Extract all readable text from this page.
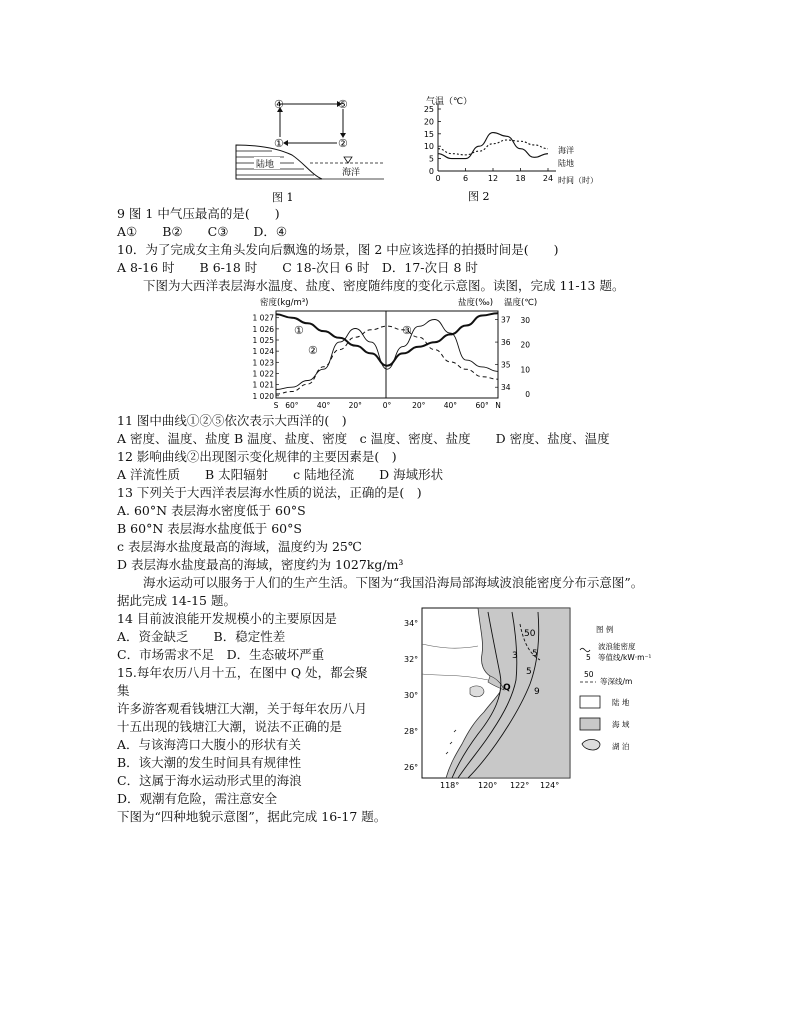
④	⑤
①	②
陆地
海洋
图 1
气温（℃）
25
20
15
10
5
0
0	6 12 18 24 时间（时）
海洋
陆地
图 2
9 图 1 中气压最高的是(　　)
A①　　B②　　C③　　D．④
10．为了完成女主角头发向后飘逸的场景，图 2 中应该选择的拍摄时间是(　　)
A 8-16 时　　B 6-18 时　　C 18-次日 6 时　D．17-次日 8 时
下图为大西洋表层海水温度、盐度、密度随纬度的变化示意图。读图，完成 11-13 题。
密度(kg/m³)	盐度(‰) 温度(℃)
1 027
1 026
1 025
1 024
1 023
1 022
1 021
1 020
37
36
35
34
30
20
10
0
S 60° 40° 20°	0°	20° 40° 60° N
①
②
③
11 图中曲线①②⑤依次表示大西洋的(　)
A 密度、温度、盐度 B 温度、盐度、密度　c 温度、密度、盐度　　D 密度、盐度、温度
12 影响曲线②出现图示变化规律的主要因素是(　)
A 洋流性质　　B 太阳辐射　　c 陆地径流　　D 海域形状
13 下列关于大西洋表层海水性质的说法，正确的是(　)
A. 60°N 表层海水密度低于 60°S
B 60°N 表层海水盐度低于 60°S
c 表层海水盐度最高的海域，温度约为 25℃
D 表层海水盐度最高的海域，密度约为 1027kg/m³
海水运动可以服务于人们的生产生活。下图为“我国沿海局部海域波浪能密度分布示意图”。
据此完成 14-15 题。
14 目前波浪能开发规模小的主要原因是
A．资金缺乏　　B．稳定性差
C．市场需求不足　D．生态破坏严重
15.每年农历八月十五，在图中 Q 处，都会聚
集
许多游客观看钱塘江大潮，关于每年农历八月
十五出现的钱塘江大潮，说法不正确的是
A．与该海湾口大腹小的形状有关
B．该大潮的发生时间具有规律性
C．这属于海水运动形式里的海浪
D．观潮有危险，需注意安全
下图为“四种地貌示意图”，据此完成 16-17 题。
50
3
5
5
9
Q
34°
32°
30°
28°
26°
118° 120° 122° 124°
图 例
5
波浪能密度
等值线/kW·m⁻¹
50
等深线/m
陆 地
海 域
湖 泊
